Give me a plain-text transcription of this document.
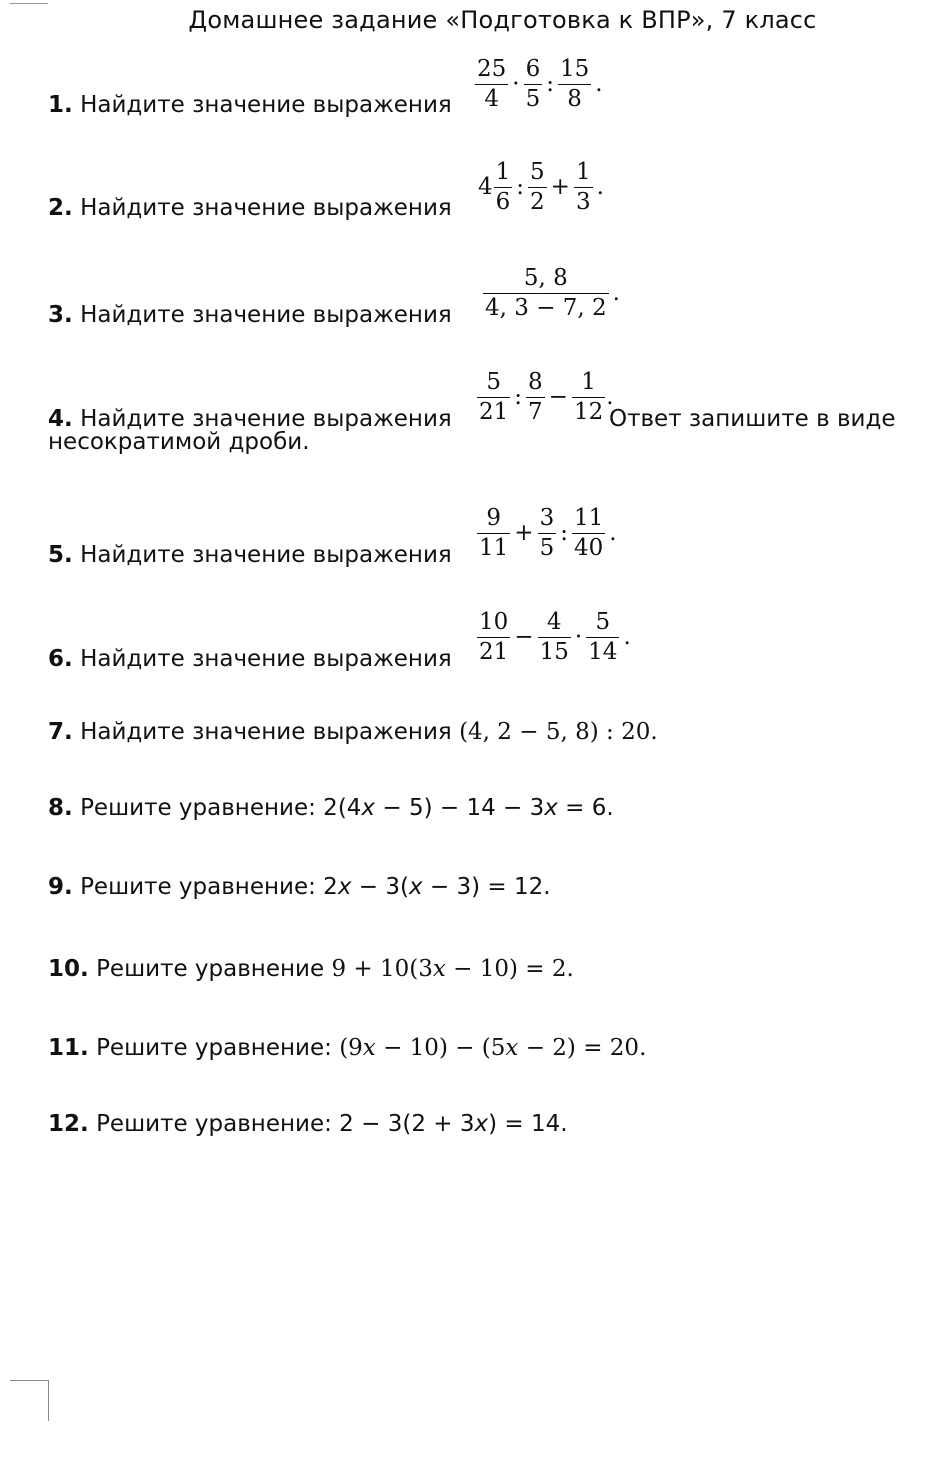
Домашнее задание «Подготовка к ВПР», 7 класс
1. Найдите значение выражения	$\frac{25}{4} \cdot \frac{6}{5}$ : $\frac{15}{8}$ .
2. Найдите значение выражения
$4 \frac{1}{6}$ : $\frac{5}{2} + \frac{1}{3}$ .
3. Найдите значение выражения	$\frac{5, 8}{4, 3 - 7, 2}$ .
4. Найдите значение выражения	$\frac{5}{21}$ : $\frac{8}{7} - \frac{1}{12}$ .
Ответ запишите в виде
несократимой дроби.
5. Найдите значение выражения	$\frac{9}{11} + \frac{3}{5}$ : $\frac{11}{40}$ .
6. Найдите значение выражения	$\frac{10}{21} - \frac{4}{15} \cdot \frac{5}{14}$ .
7. Найдите значение выражения (4, 2 − 5, 8) : 20.
8. Решите уравнение: 2(4x − 5) − 14 − 3x = 6.
9. Решите уравнение: 2x − 3(x − 3) = 12.
10. Решите уравнение 9 + 10(3x − 10) = 2.
11. Решите уравнение: (9x − 10) − (5x − 2) = 20.
12. Решите уравнение: 2 − 3(2 + 3x) = 14.
